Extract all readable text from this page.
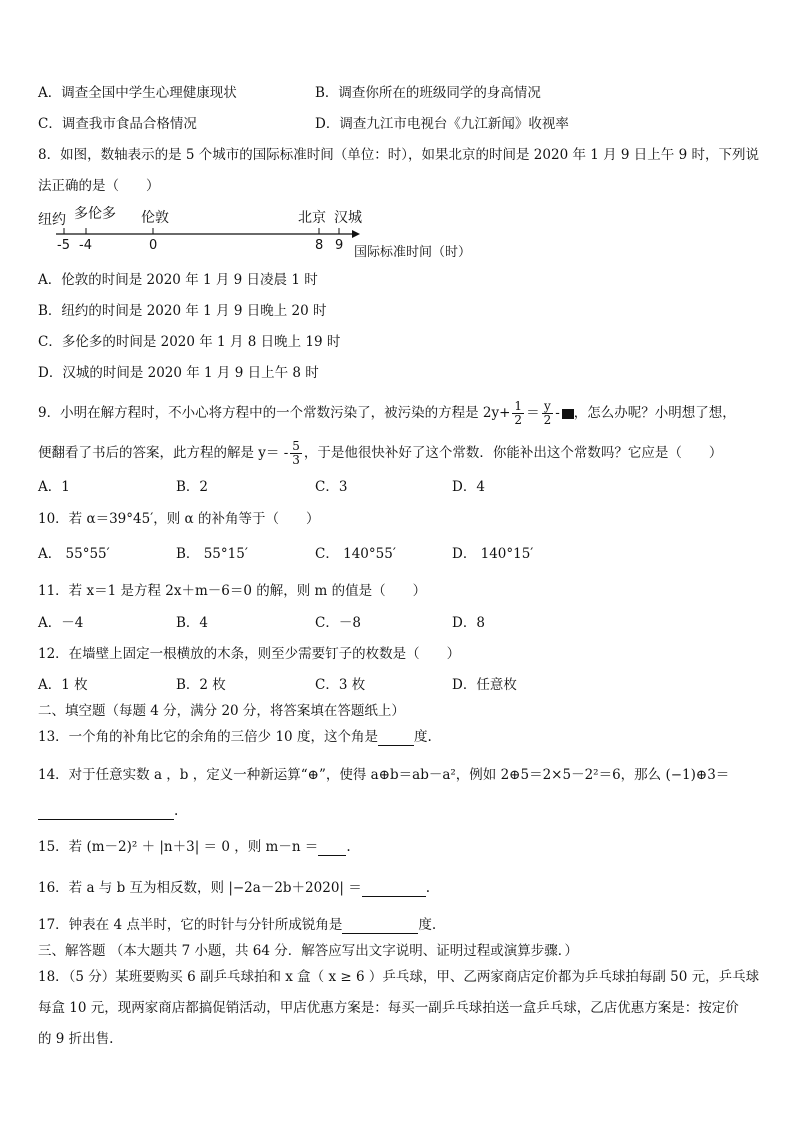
A．调查全国中学生心理健康现状	B．调查你所在的班级同学的身高情况
C．调查我市食品合格情况	D．调查九江市电视台《九江新闻》收视率
8．如图，数轴表示的是 5 个城市的国际标准时间（单位：时），如果北京的时间是 2020 年 1 月 9 日上午 9 时，下列说
法正确的是（　　）
纽约 多伦多 伦敦	北京 汉城
-5 -4	0	8 9 国际标准时间（时）
A．伦敦的时间是 2020 年 1 月 9 日凌晨 1 时
B．纽约的时间是 2020 年 1 月 9 日晚上 20 时
C．多伦多的时间是 2020 年 1 月 8 日晚上 19 时
D．汉城的时间是 2020 年 1 月 9 日上午 8 时
9．小明在解方程时，不小心将方程中的一个常数污染了，被污染的方程是 $2y+ \frac{1}{2} = \frac{y}{2}$ - ，怎么办呢？小明想了想，
便翻看了书后的答案，此方程的解是 $y= - \frac{5}{3}$ ，于是他很快补好了这个常数．你能补出这个常数吗？它应是（　　）
A．1	B．2	C．3	D．4
10．若 α＝39°45′，则 α 的补角等于（　　）
A． 55°55′	B． 55°15′	C． 140°55′	D． 140°15′
11．若 x＝1 是方程 2x＋m－6＝0 的解，则 m 的值是（　　）
A．－4	B．4	C．－8	D．8
12．在墙壁上固定一根横放的木条，则至少需要钉子的枚数是（　　）
A．1 枚	B．2 枚	C．3 枚	D．任意枚
二、填空题（每题 4 分，满分 20 分，将答案填在答题纸上）
13．一个角的补角比它的余角的三倍少 10 度，这个角是	度.
14．对于任意实数 a ，b ，定义一种新运算“⊕”，使得 a⊕b＝ab－a²，例如 2⊕5＝2×5－2²＝6，那么 (−1)⊕3＝
.
15．若 (m－2)² ＋ |n＋3| ＝ 0 ，则 m－n ＝ .
16．若 a 与 b 互为相反数，则 |−2a－2b＋2020| ＝	.
17．钟表在 4 点半时，它的时针与分针所成锐角是	度.
三、解答题 （本大题共 7 小题，共 64 分．解答应写出文字说明、证明过程或演算步骤．）
18．（5 分）某班要购买 6 副乒乓球拍和 x 盒（ x ≥ 6 ）乒乓球，甲、乙两家商店定价都为乒乓球拍每副 50 元，乒乓球
每盒 10 元，现两家商店都搞促销活动，甲店优惠方案是：每买一副乒乓球拍送一盒乒乓球，乙店优惠方案是：按定价
的 9 折出售.
